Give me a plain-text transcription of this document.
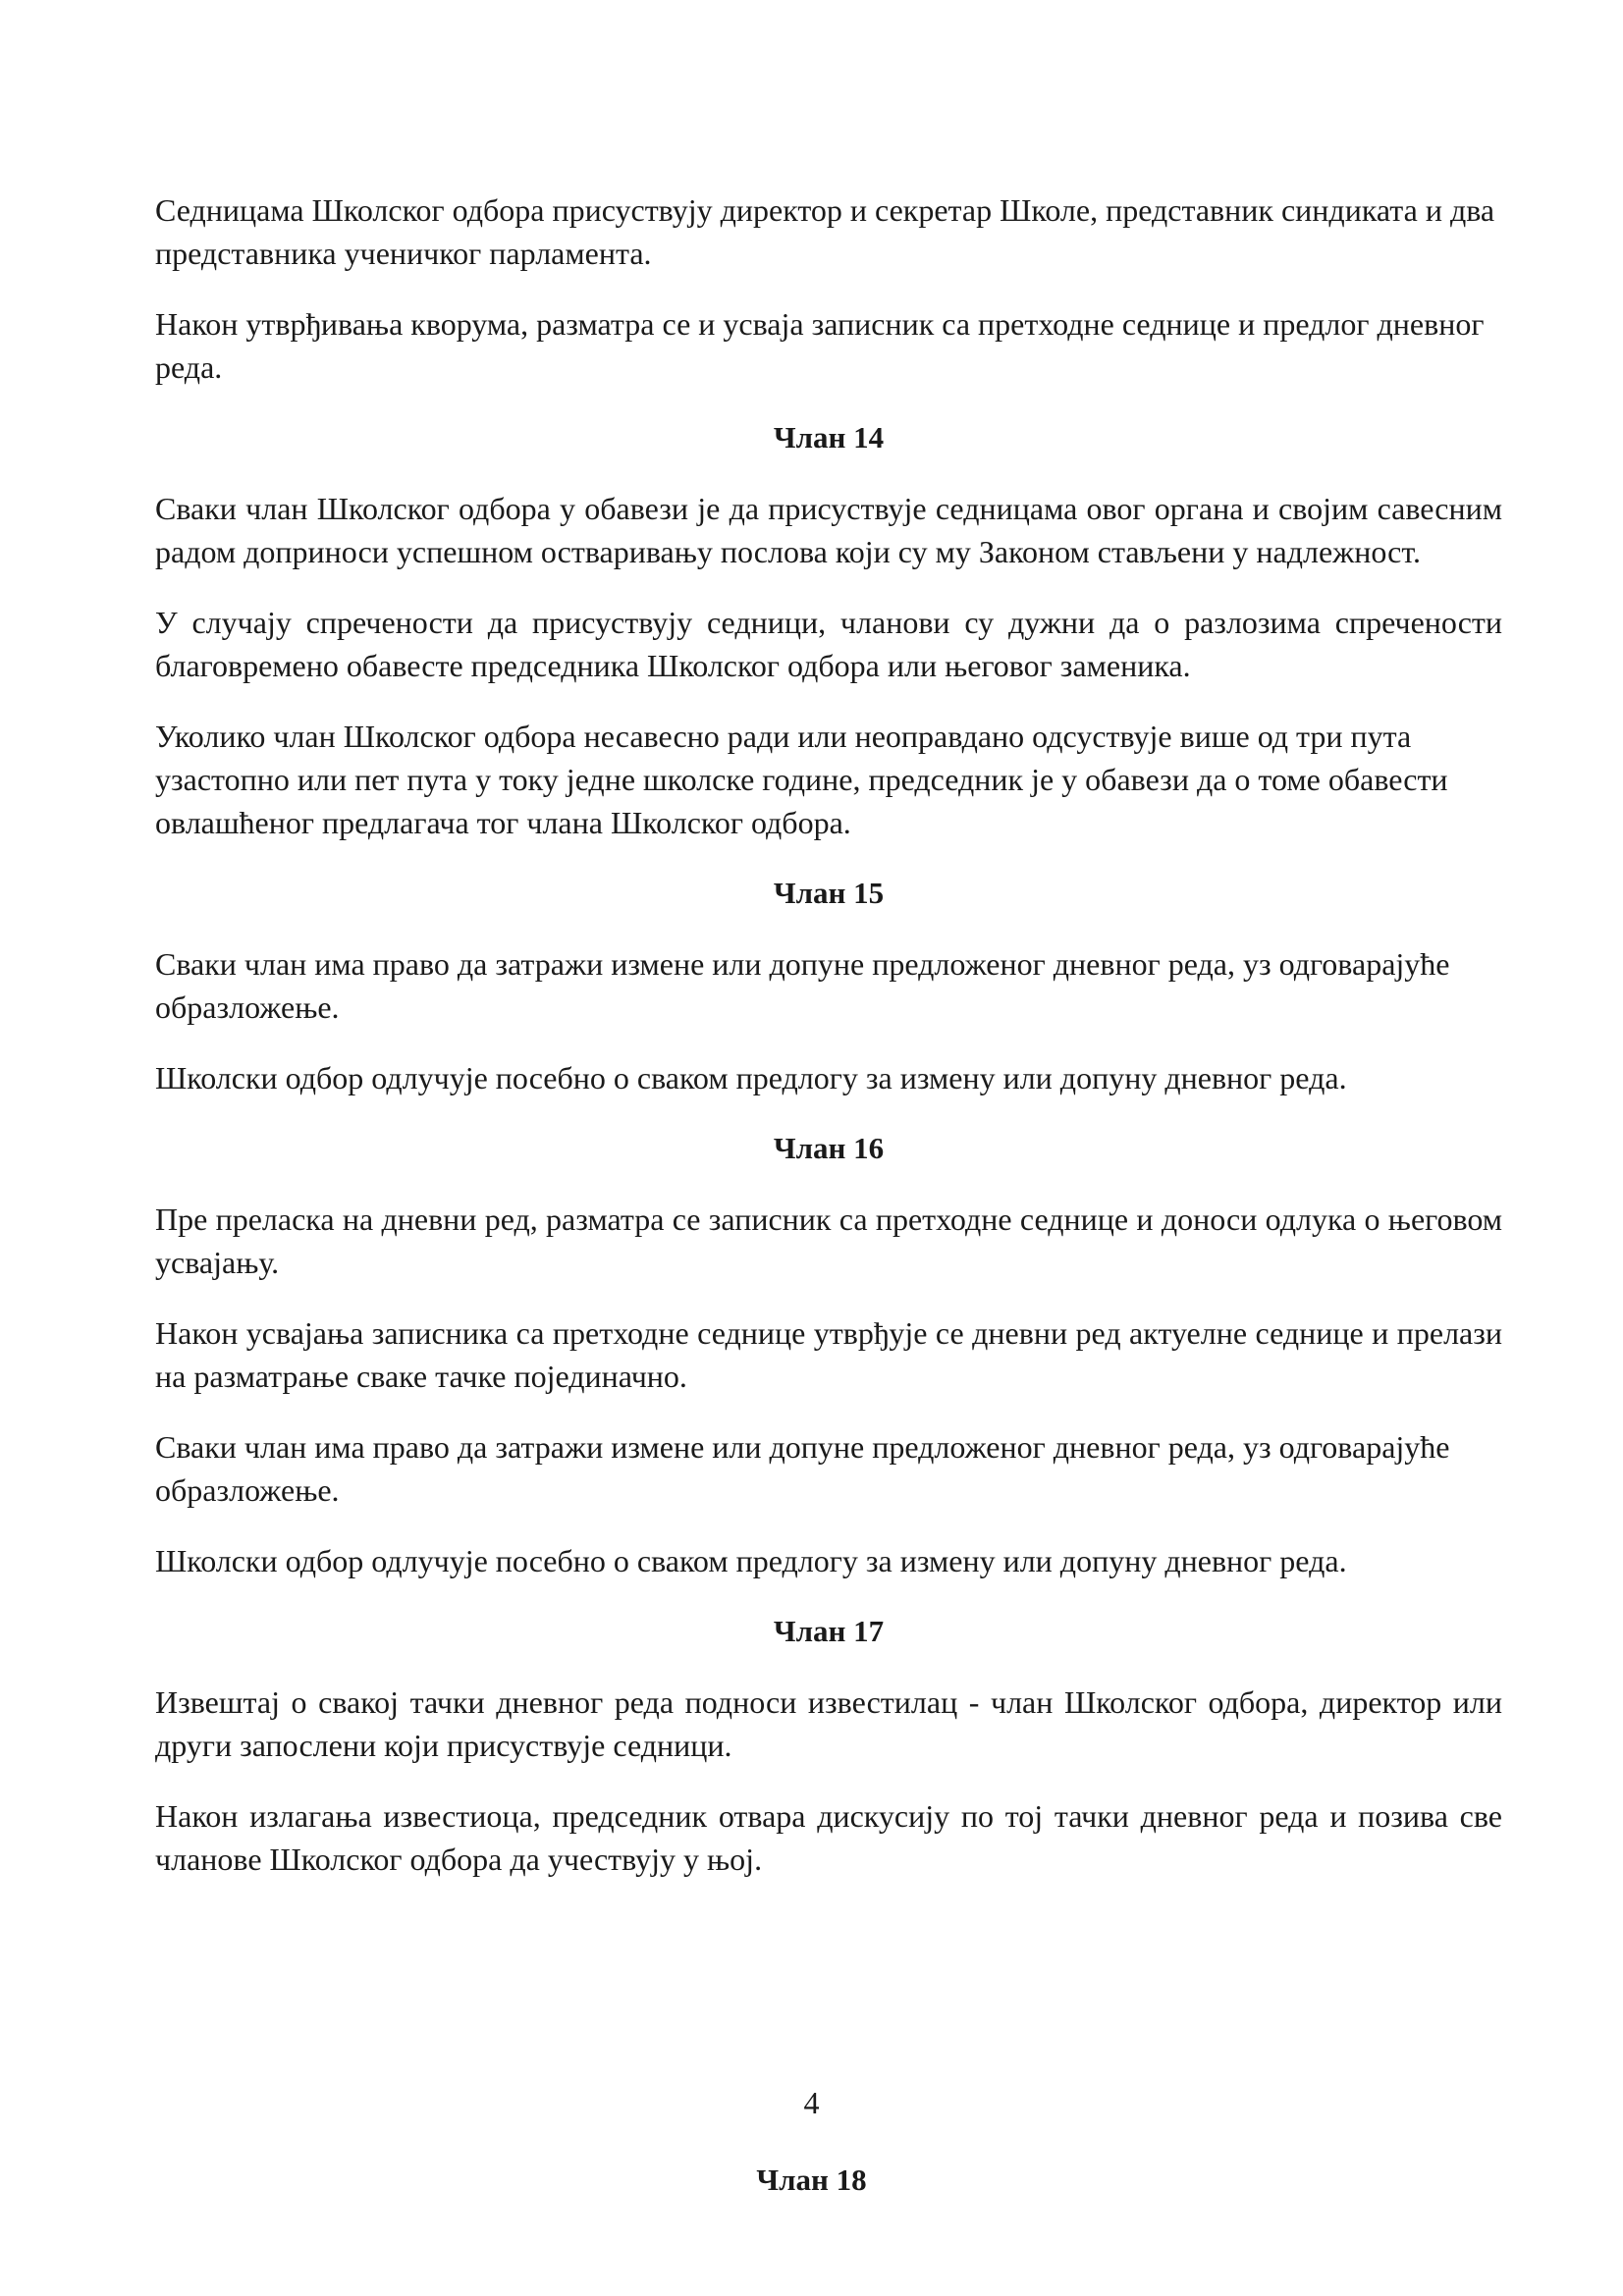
Седницама Школског одбора присуствују директор и секретар Школе, представник синдиката и два представника ученичког парламента.

Након утврђивања кворума, разматра се и усваја записник са претходне седнице и предлог дневног реда.

Члан 14

Сваки члан Школског одбора у обавези је да присуствује седницама овог органа и својим савесним радом доприноси успешном остваривању послова који су му Законом стављени у надлежност.

У случају спречености да присуствују седници, чланови су дужни да о разлозима спречености благовремено обавесте председника Школског одбора или његовог заменика.

Уколико члан Школског одбора несавесно ради или неоправдано одсуствује више од три пута узастопно или пет пута у току једне школске године, председник је у обавези да о томе обавести овлашћеног предлагача тог члана Школског одбора.

Члан 15

Сваки члан има право да затражи измене или допуне предложеног дневног реда, уз одговарајуће образложење.

Школски одбор одлучује посебно о сваком предлогу за измену или допуну дневног реда.

Члан 16

Пре преласка на дневни ред, разматра се записник са претходне седнице и доноси одлука о његовом усвајању.

Након усвајања записника са претходне седнице утврђује се дневни ред актуелне седнице и прелази на разматрање сваке тачке појединачно.

Сваки члан има право да затражи измене или допуне предложеног дневног реда, уз одговарајуће образложење.

Школски одбор одлучује посебно о сваком предлогу за измену или допуну дневног реда.

Члан 17

Извештај о свакој тачки дневног реда подноси известилац - члан Школског одбора, директор или други запослени који присуствује седници.

Након излагања известиоца, председник отвара дискусију по тој тачки дневног реда и позива све чланове Школског одбора да учествују у њој.

4
Члан 18
